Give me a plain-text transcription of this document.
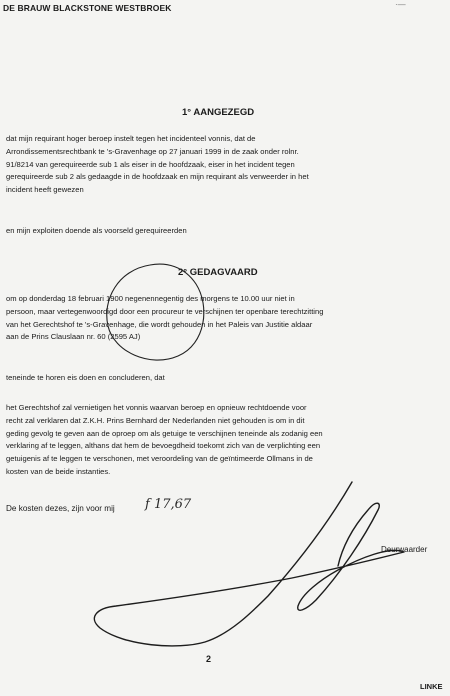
DE BRAUW BLACKSTONE WESTBROEK	·—
1° AANGEZEGD
dat mijn requirant hoger beroep instelt tegen het incidenteel vonnis, dat de
Arrondissementsrechtbank te 's-Gravenhage op 27 januari 1999 in de zaak onder rolnr.
91/8214 van gerequireerde sub 1 als eiser in de hoofdzaak, eiser in het incident tegen
gerequireerde sub 2 als gedaagde in de hoofdzaak en mijn requirant als verweerder in het
incident heeft gewezen
en mijn exploiten doende als voorseld gerequireerden
2° GEDAGVAARD
om op donderdag 18 februari 1900 negenennegentig des morgens te 10.00 uur niet in
persoon, maar vertegenwoordigd door een procureur te verschijnen ter openbare terechtzitting
van het Gerechtshof te 's-Gravenhage, die wordt gehouden in het Paleis van Justitie aldaar
aan de Prins Clauslaan nr. 60 (2595 AJ)
teneinde te horen eis doen en concluderen, dat
het Gerechtshof zal vernietigen het vonnis waarvan beroep en opnieuw rechtdoende voor
recht zal verklaren dat Z.K.H. Prins Bernhard der Nederlanden niet gehouden is om in dit
geding gevolg te geven aan de oproep om als getuige te verschijnen teneinde als zodanig een
verklaring af te leggen, althans dat hem de bevoegdheid toekomt zich van de verplichting een
getuigenis af te leggen te verschonen, met veroordeling van de geïntimeerde Ollmans in de
kosten van de beide instanties.
De kosten dezes, zijn voor mij f 17,67
Deurwaarder
2
LINKE
